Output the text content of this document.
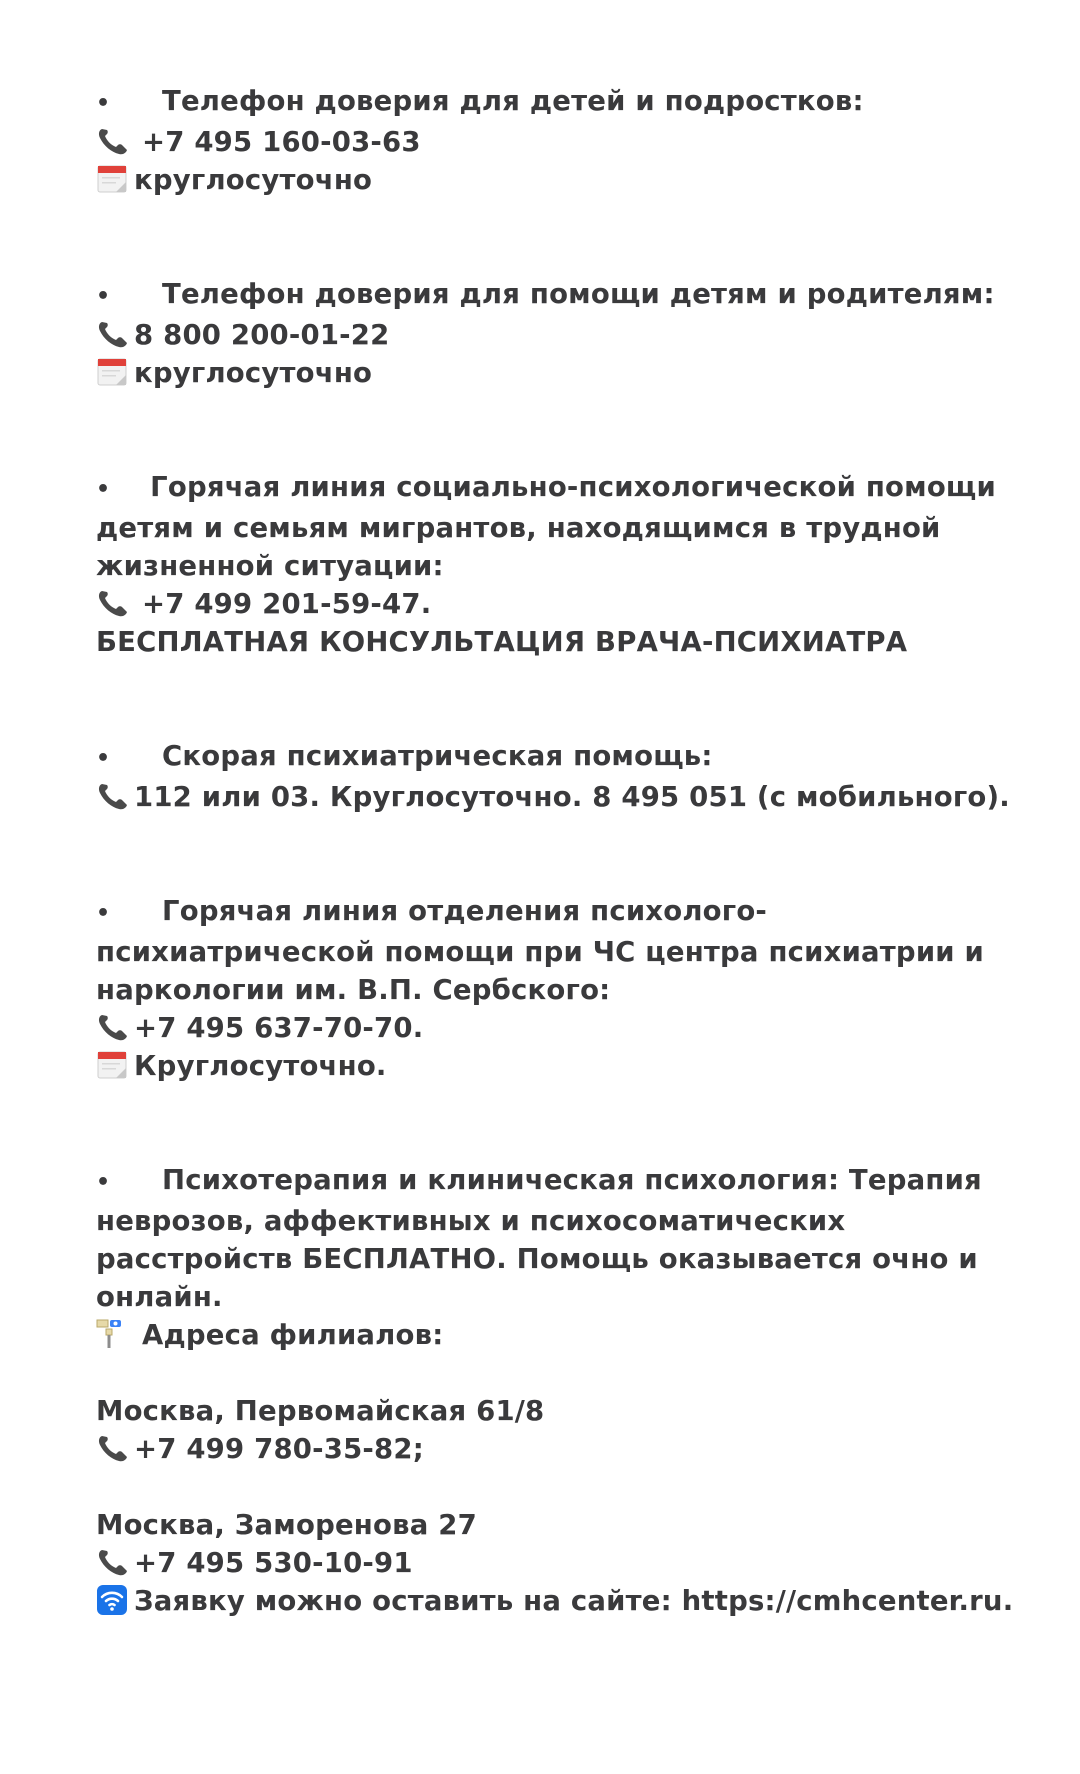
•	Телефон доверия для детей и подростков:
+7 495 160-03-63
круглосуточно
•	Телефон доверия для помощи детям и родителям:
8 800 200-01-22
круглосуточно
•	Горячая линия социально-психологической помощи
детям и семьям мигрантов, находящимся в трудной
жизненной ситуации:
+7 499 201-59-47.
БЕСПЛАТНАЯ КОНСУЛЬТАЦИЯ ВРАЧА-ПСИХИАТРА
•	Скорая психиатрическая помощь:
112 или 03. Круглосуточно. 8 495 051 (с мобильного).
•	Горячая линия отделения психолого-
психиатрической помощи при ЧС центра психиатрии и
наркологии им. В.П. Сербского:
+7 495 637-70-70.
Круглосуточно.
•	Психотерапия и клиническая психология: Терапия
неврозов, аффективных и психосоматических
расстройств БЕСПЛАТНО. Помощь оказывается очно и
онлайн.
Адреса филиалов:
Москва, Первомайская 61/8
+7 499 780-35-82;
Москва, Заморенова 27
+7 495 530-10-91
Заявку можно оставить на сайте: https://cmhcenter.ru.
